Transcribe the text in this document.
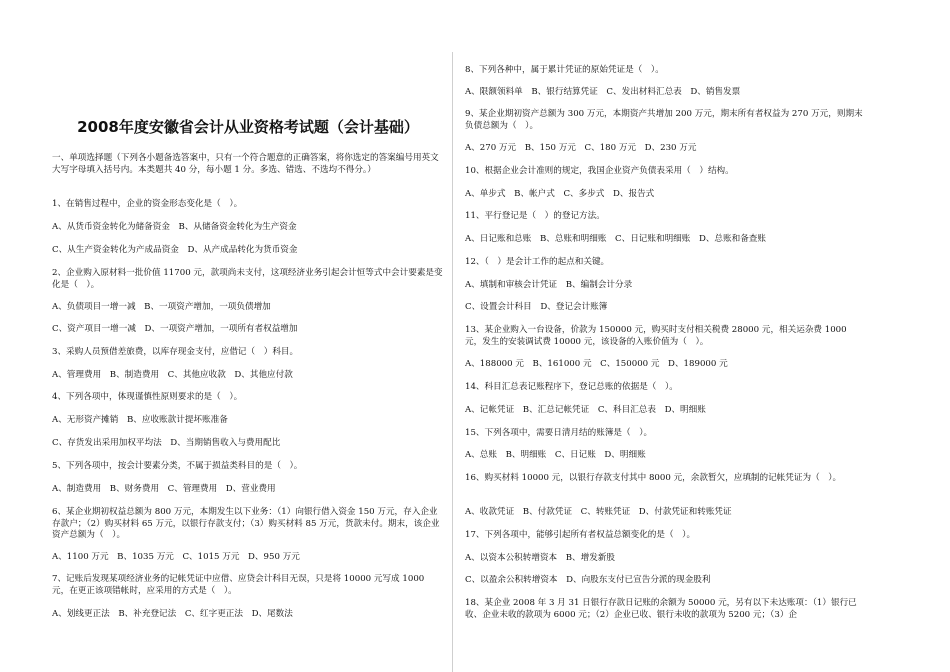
2008年度安徽省会计从业资格考试题（会计基础）

一、单项选择题（下列各小题备选答案中，只有一个符合题意的正确答案，将你选定的答案编号用英文大写字母填入括号内。本类题共 40 分，每小题 1 分。多选、错选、不选均不得分。）

1、在销售过程中，企业的资金形态变化是（　）。

A、从货币资金转化为储备资金　B、从储备资金转化为生产资金

C、从生产资金转化为产成品资金　D、从产成品转化为货币资金

2、企业购入原材料一批价值 11700 元，款项尚未支付，这项经济业务引起会计恒等式中会计要素是变化是（　）。

A、负债项目一增一减　B、一项资产增加，一项负债增加

C、资产项目一增一减　D、一项资产增加，一项所有者权益增加

3、采购人员预借差旅费，以库存现金支付，应借记（　）科目。

A、管理费用　B、制造费用　C、其他应收款　D、其他应付款

4、下列各项中，体现谨慎性原则要求的是（　）。

A、无形资产摊销　B、应收账款计提坏账准备

C、存货发出采用加权平均法　D、当期销售收入与费用配比

5、下列各项中，按会计要素分类，不属于损益类科目的是（　）。

A、制造费用　B、财务费用　C、管理费用　D、营业费用

6、某企业期初权益总额为 800 万元，本期发生以下业务：（1）向银行借入资金 150 万元，存入企业存款户；（2）购买材料 65 万元，以银行存款支付；（3）购买材料 85 万元，货款未付。期末，该企业资产总额为（　）。

A、1100 万元　B、1035 万元　C、1015 万元　D、950 万元

7、记账后发现某项经济业务的记帐凭证中应借、应贷会计科目无误，只是将 10000 元写成 1000 元，在更正该项错帐时，应采用的方式是（　）。

A、划线更正法　B、补充登记法　C、红字更正法　D、尾数法

8、下列各种中，属于累计凭证的原始凭证是（　）。

A、限额领料单　B、银行结算凭证　C、发出材料汇总表　D、销售发票

9、某企业期初资产总额为 300 万元，本期资产共增加 200 万元，期末所有者权益为 270 万元，则期末负债总额为（　）。

A、270 万元　B、150 万元　C、180 万元　D、230 万元

10、根据企业会计准则的规定，我国企业资产负债表采用（　）结构。

A、单步式　B、帐户式　C、多步式　D、报告式

11、平行登记是（　）的登记方法。

A、日记账和总账　B、总账和明细账　C、日记账和明细账　D、总账和备查账

12、（　）是会计工作的起点和关键。

A、填制和审核会计凭证　B、编制会计分录

C、设置会计科目　D、登记会计账簿

13、某企业购入一台设备，价款为 150000 元，购买时支付相关税费 28000 元，相关运杂费 1000 元，发生的安装调试费 10000 元，该设备的入账价值为（　）。

A、188000 元　B、161000 元　C、150000 元　D、189000 元

14、科目汇总表记账程序下，登记总账的依据是（　）。

A、记帐凭证　B、汇总记帐凭证　C、科目汇总表　D、明细账

15、下列各项中，需要日清月结的账簿是（　）。

A、总账　B、明细账　C、日记账　D、明细账

16、购买材料 10000 元，以银行存款支付其中 8000 元，余款暂欠，应填制的记帐凭证为（　）。

A、收款凭证　B、付款凭证　C、转账凭证　D、付款凭证和转账凭证

17、下列各项中，能够引起所有者权益总额变化的是（　）。

A、以资本公积转增资本　B、增发新股

C、以盈余公积转增资本　D、向股东支付已宣告分派的现金股利

18、某企业 2008 年 3 月 31 日银行存款日记账的余额为 50000 元，另有以下未达账项：（1）银行已收、企业未收的款项为 6000 元；（2）企业已收、银行未收的款项为 5200 元；（3）企
